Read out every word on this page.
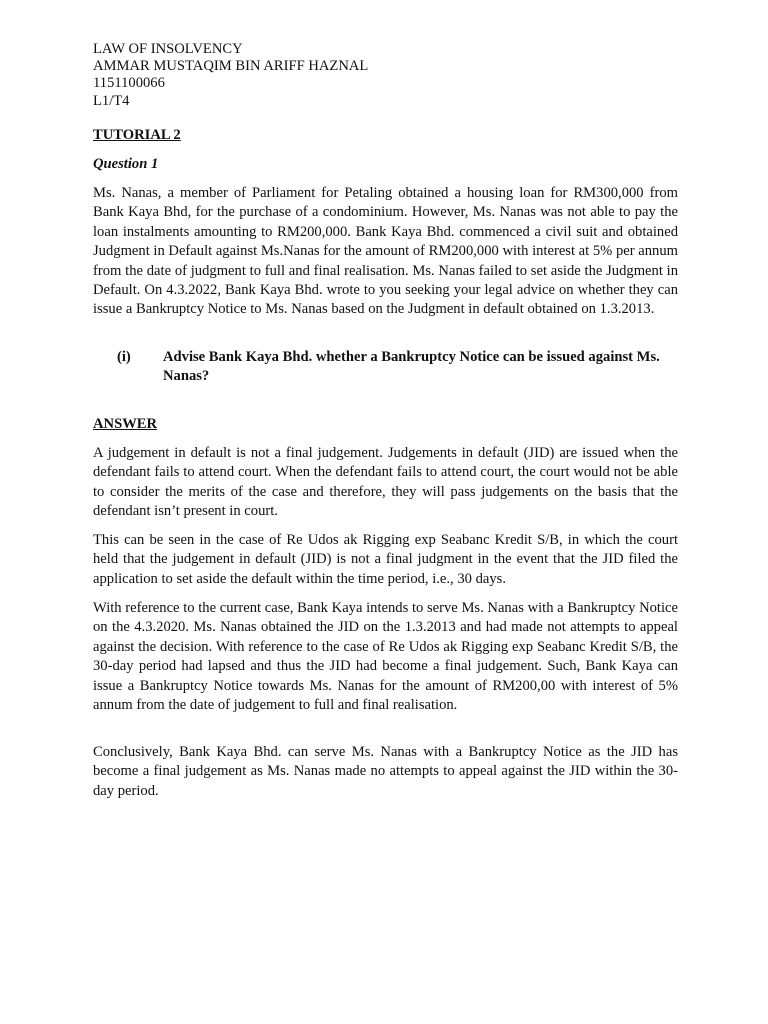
LAW OF INSOLVENCY
AMMAR MUSTAQIM BIN ARIFF HAZNAL
1151100066
L1/T4
TUTORIAL 2
Question 1

Ms. Nanas, a member of Parliament for Petaling obtained a housing loan for RM300,000 from Bank Kaya Bhd, for the purchase of a condominium. However, Ms. Nanas was not able to pay the loan instalments amounting to RM200,000. Bank Kaya Bhd. commenced a civil suit and obtained Judgment in Default against Ms.Nanas for the amount of RM200,000 with interest at 5% per annum from the date of judgment to full and final realisation. Ms. Nanas failed to set aside the Judgment in Default. On 4.3.2022, Bank Kaya Bhd. wrote to you seeking your legal advice on whether they can issue a Bankruptcy Notice to Ms. Nanas based on the Judgment in default obtained on 1.3.2013.

(i) Advise Bank Kaya Bhd. whether a Bankruptcy Notice can be issued against Ms. Nanas?
ANSWER

A judgement in default is not a final judgement. Judgements in default (JID) are issued when the defendant fails to attend court. When the defendant fails to attend court, the court would not be able to consider the merits of the case and therefore, they will pass judgements on the basis that the defendant isn’t present in court.

This can be seen in the case of Re Udos ak Rigging exp Seabanc Kredit S/B, in which the court held that the judgement in default (JID) is not a final judgment in the event that the JID filed the application to set aside the default within the time period, i.e., 30 days.

With reference to the current case, Bank Kaya intends to serve Ms. Nanas with a Bankruptcy Notice on the 4.3.2020. Ms. Nanas obtained the JID on the 1.3.2013 and had made not attempts to appeal against the decision. With reference to the case of Re Udos ak Rigging exp Seabanc Kredit S/B, the 30-day period had lapsed and thus the JID had become a final judgement. Such, Bank Kaya can issue a Bankruptcy Notice towards Ms. Nanas for the amount of RM200,00 with interest of 5% annum from the date of judgement to full and final realisation.

Conclusively, Bank Kaya Bhd. can serve Ms. Nanas with a Bankruptcy Notice as the JID has become a final judgement as Ms. Nanas made no attempts to appeal against the JID within the 30-day period.
